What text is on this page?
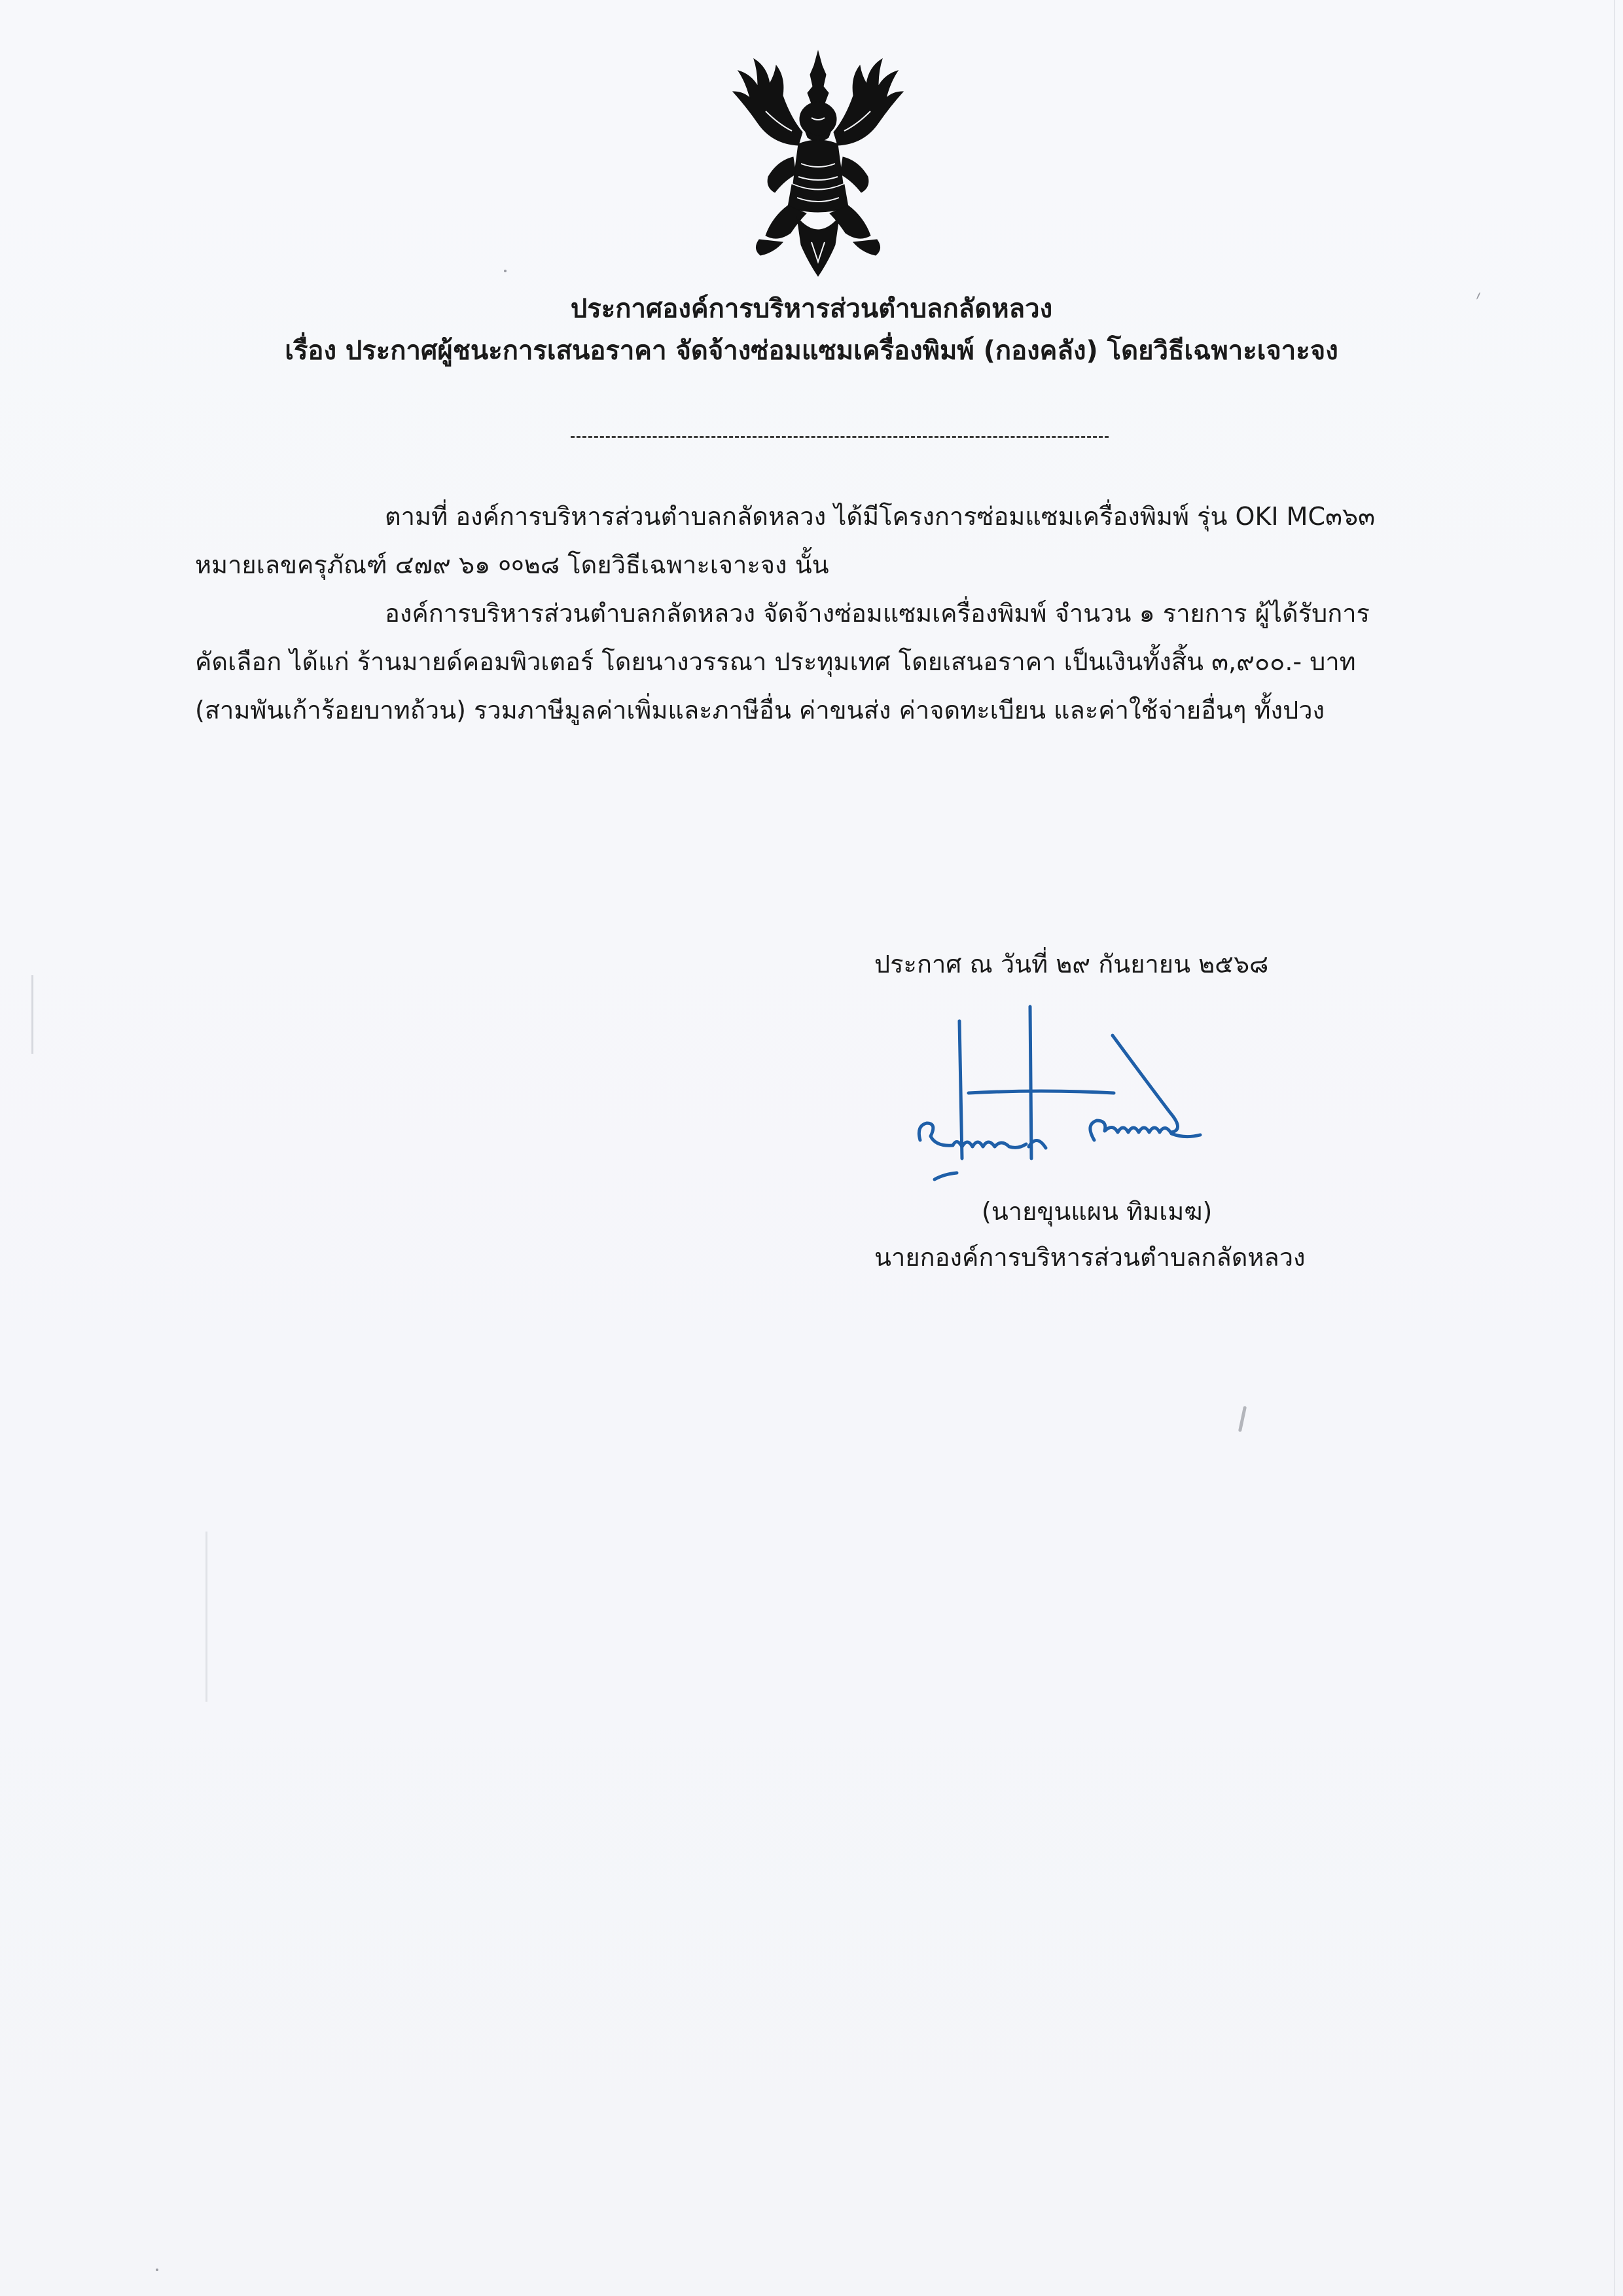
ประกาศองค์การบริหารส่วนตำบลกลัดหลวง

เรื่อง ประกาศผู้ชนะการเสนอราคา จัดจ้างซ่อมแซมเครื่องพิมพ์ (กองคลัง) โดยวิธีเฉพาะเจาะจง

ตามที่ องค์การบริหารส่วนตำบลกลัดหลวง ได้มีโครงการซ่อมแซมเครื่องพิมพ์ รุ่น OKI MC๓๖๓
หมายเลขครุภัณฑ์ ๔๗๙ ๖๑ ००๒๘ โดยวิธีเฉพาะเจาะจง นั้น
องค์การบริหารส่วนตำบลกลัดหลวง จัดจ้างซ่อมแซมเครื่องพิมพ์ จำนวน ๑ รายการ ผู้ได้รับการ
คัดเลือก ได้แก่ ร้านมายด์คอมพิวเตอร์ โดยนางวรรณา ประทุมเทศ โดยเสนอราคา เป็นเงินทั้งสิ้น ๓,๙๐๐.- บาท
(สามพันเก้าร้อยบาทถ้วน) รวมภาษีมูลค่าเพิ่มและภาษีอื่น ค่าขนส่ง ค่าจดทะเบียน และค่าใช้จ่ายอื่นๆ ทั้งปวง
ประกาศ ณ วันที่ ๒๙ กันยายน ๒๕๖๘
(นายขุนแผน ทิมเมฆ)
นายกองค์การบริหารส่วนตำบลกลัดหลวง
